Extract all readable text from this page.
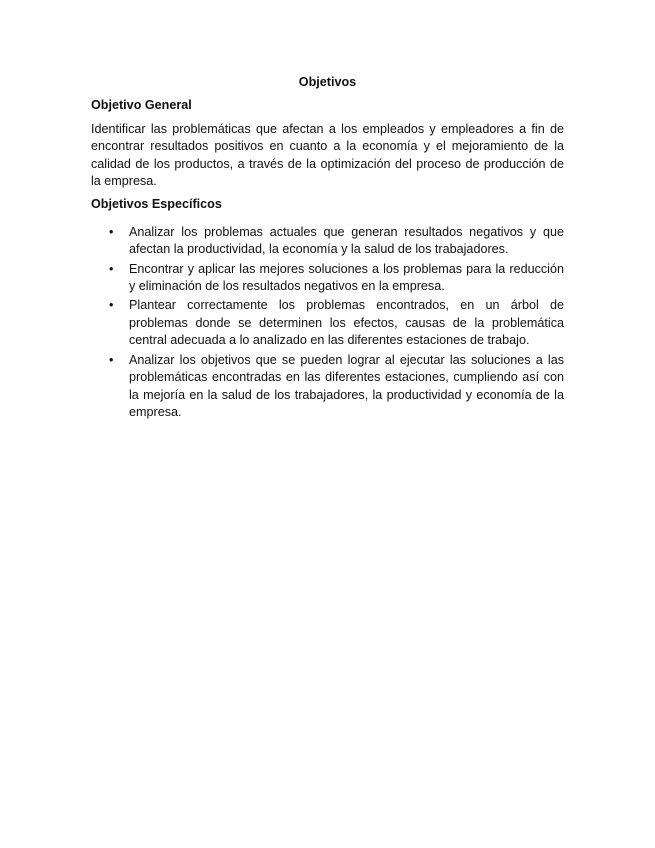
Objetivos
Objetivo General

Identificar las problemáticas que afectan a los empleados y empleadores a fin de encontrar resultados positivos en cuanto a la economía y el mejoramiento de la calidad de los productos, a través de la optimización del proceso de producción de la empresa.

Objetivos Específicos
• Analizar los problemas actuales que generan resultados negativos y que afectan la productividad, la economía y la salud de los trabajadores.
• Encontrar y aplicar las mejores soluciones a los problemas para la reducción y eliminación de los resultados negativos en la empresa.
• Plantear correctamente los problemas encontrados, en un árbol de problemas donde se determinen los efectos, causas de la problemática central adecuada a lo analizado en las diferentes estaciones de trabajo.
• Analizar los objetivos que se pueden lograr al ejecutar las soluciones a las problemáticas encontradas en las diferentes estaciones, cumpliendo así con la mejoría en la salud de los trabajadores, la productividad y economía de la empresa.
